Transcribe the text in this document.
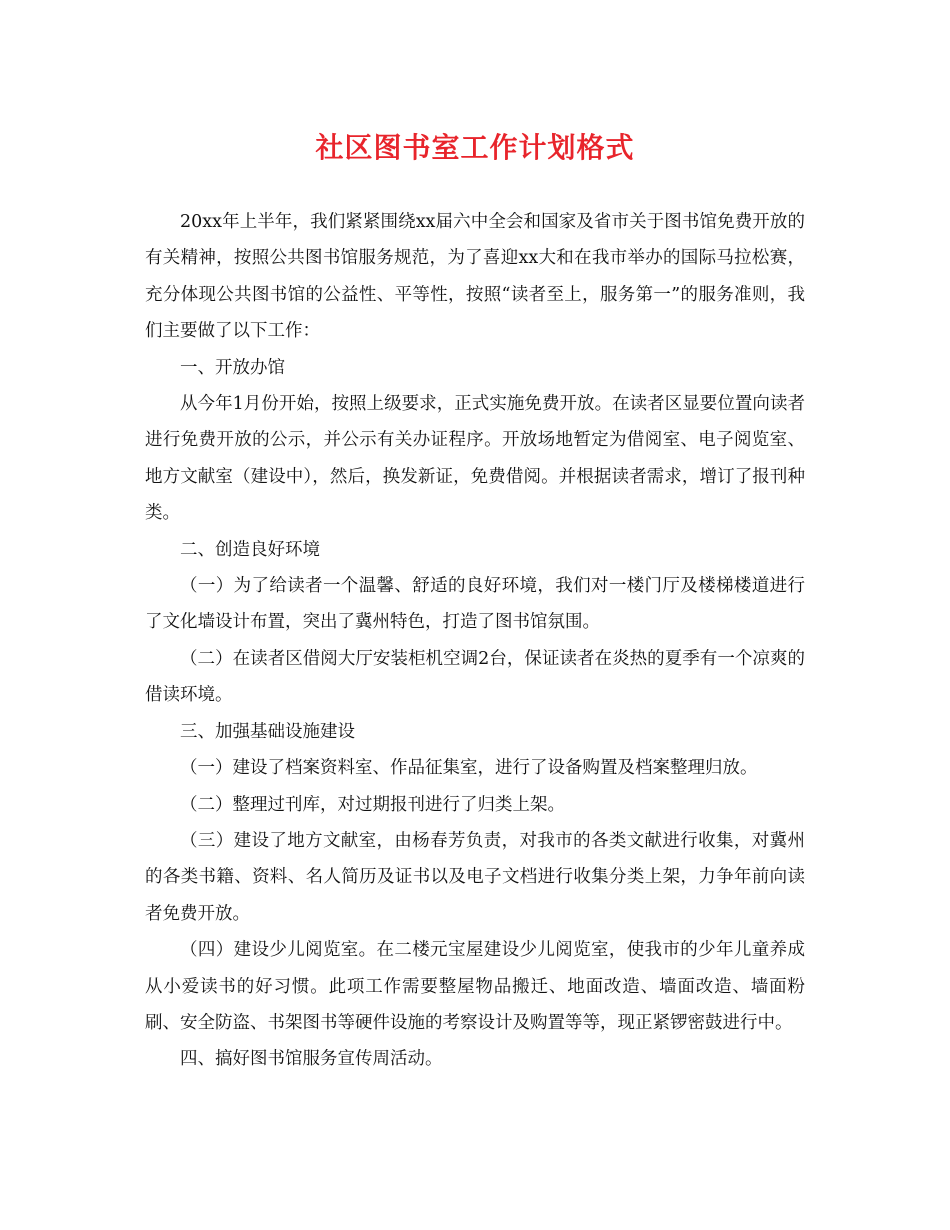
社区图书室工作计划格式

20xx年上半年，我们紧紧围绕xx届六中全会和国家及省市关于图书馆免费开放的有关精神，按照公共图书馆服务规范，为了喜迎xx大和在我市举办的国际马拉松赛，充分体现公共图书馆的公益性、平等性，按照“读者至上，服务第一”的服务准则，我们主要做了以下工作：

一、开放办馆

从今年1月份开始，按照上级要求，正式实施免费开放。在读者区显要位置向读者进行免费开放的公示，并公示有关办证程序。开放场地暂定为借阅室、电子阅览室、地方文献室（建设中），然后，换发新证，免费借阅。并根据读者需求，增订了报刊种类。

二、创造良好环境

（一）为了给读者一个温馨、舒适的良好环境，我们对一楼门厅及楼梯楼道进行了文化墙设计布置，突出了冀州特色，打造了图书馆氛围。

（二）在读者区借阅大厅安装柜机空调2台，保证读者在炎热的夏季有一个凉爽的借读环境。

三、加强基础设施建设

（一）建设了档案资料室、作品征集室，进行了设备购置及档案整理归放。

（二）整理过刊库，对过期报刊进行了归类上架。

（三）建设了地方文献室，由杨春芳负责，对我市的各类文献进行收集，对冀州的各类书籍、资料、名人简历及证书以及电子文档进行收集分类上架，力争年前向读者免费开放。

（四）建设少儿阅览室。在二楼元宝屋建设少儿阅览室，使我市的少年儿童养成从小爱读书的好习惯。此项工作需要整屋物品搬迁、地面改造、墙面改造、墙面粉刷、安全防盗、书架图书等硬件设施的考察设计及购置等等，现正紧锣密鼓进行中。

四、搞好图书馆服务宣传周活动。
